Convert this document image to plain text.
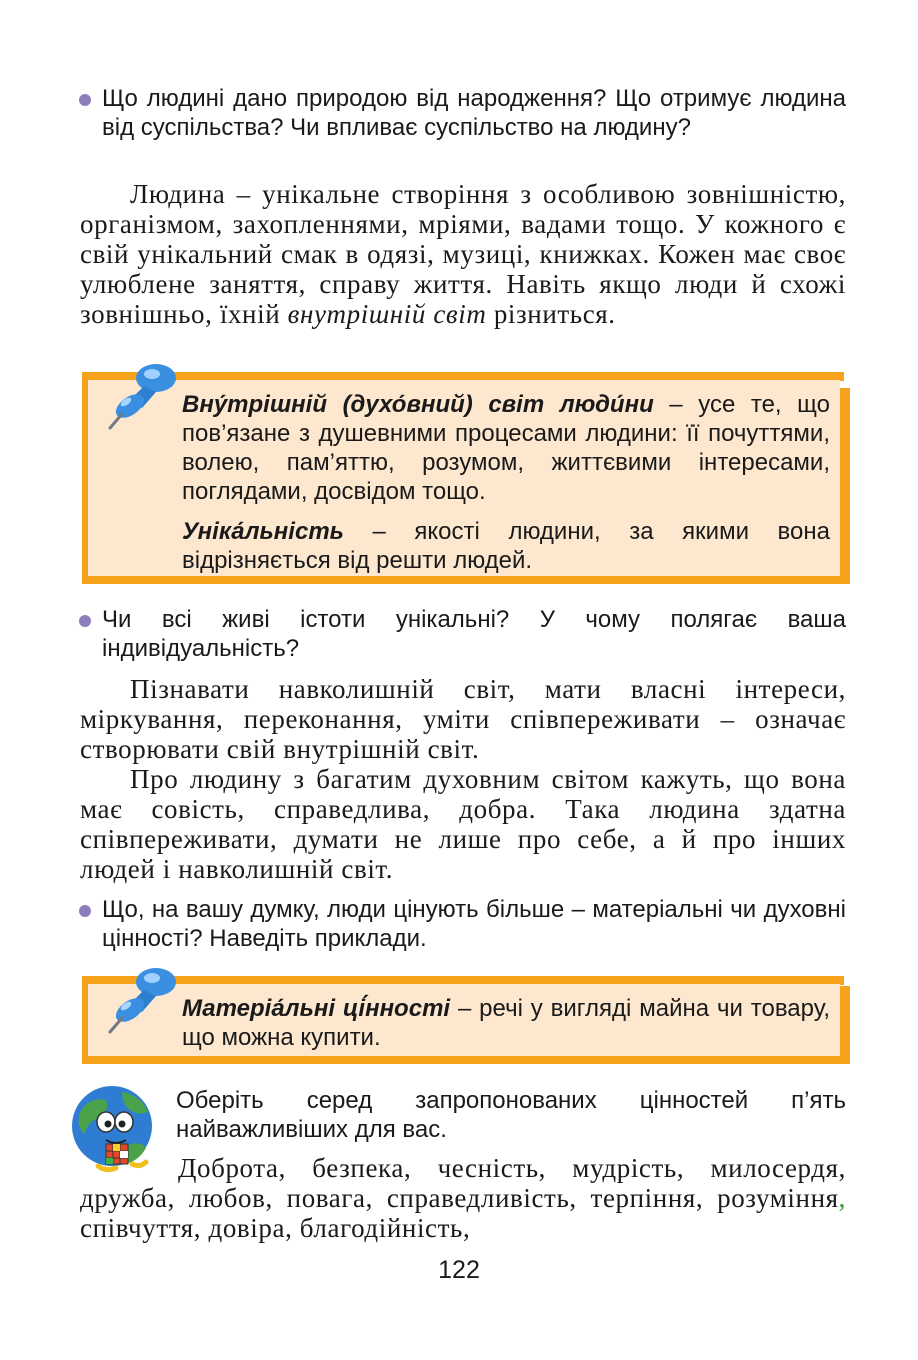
Що людині дано природою від народження? Що отримує людина від суспільства? Чи впливає суспільство на людину?

Людина – унікальне створіння з особливою зовнішністю, організмом, захопленнями, мріями, вадами тощо. У кожного є свій унікальний смак в одязі, музиці, книжках. Кожен має своє улюблене заняття, справу життя. Навіть якщо люди й схожі зовнішньо, їхній внутрішній світ різниться.

Вну́трішній (духо́вний) світ люди́ни – усе те, що пов’язане з душевними процесами людини: її почуттями, волею, пам’яттю, розумом, життєвими інтересами, поглядами, досвідом тощо.

Уніка́льність – якості людини, за якими вона відрізняється від решти людей.

Чи всі живі істоти унікальні? У чому полягає ваша індивідуальність?

Пізнавати навколишній світ, мати власні інтереси, міркування, переконання, уміти співпереживати – означає створювати свій внутрішній світ.

Про людину з багатим духовним світом кажуть, що вона має совість, справедлива, добра. Така людина здатна співпереживати, думати не лише про себе, а й про інших людей і навколишній світ.

Що, на вашу думку, люди цінують більше – матеріальні чи духовні цінності? Наведіть приклади.

Матеріа́льні ці́нності – речі у вигляді майна чи товару, що можна купити.

Оберіть серед запропонованих цінностей п’ять найважливіших для вас.

Доброта, безпека, чесність, мудрість, милосердя, дружба, любов, повага, справедливість, терпіння, розуміння, співчуття, довіра, благодійність,

122
